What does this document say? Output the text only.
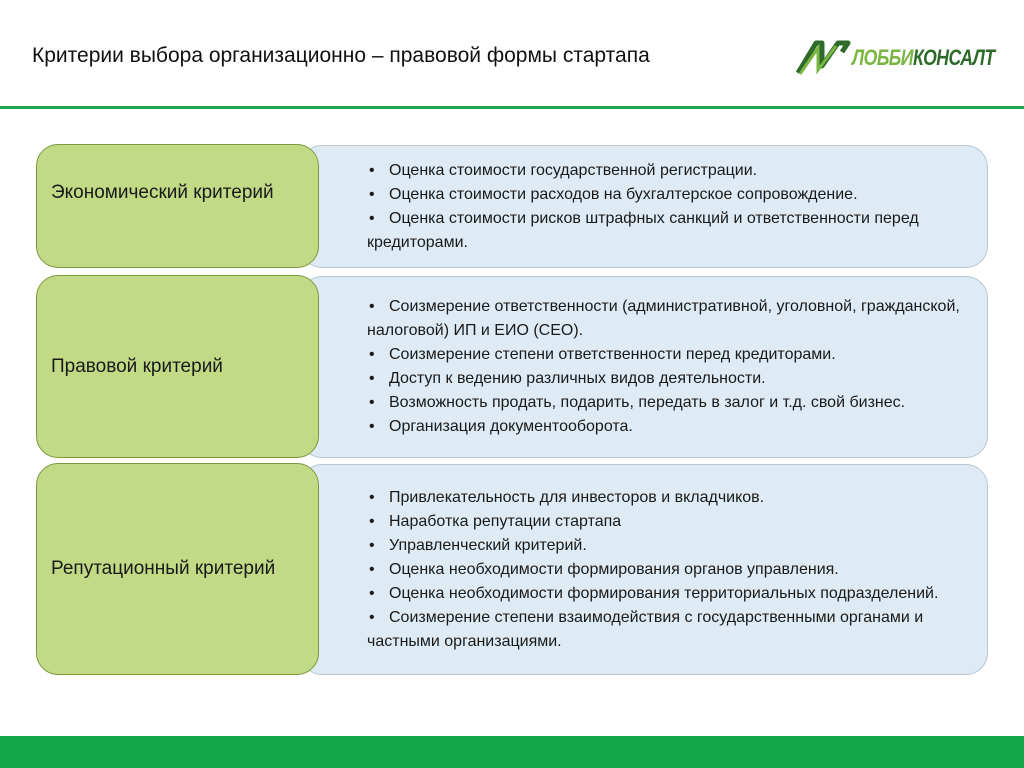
Критерии выбора организационно – правовой формы стартапа	ЛОББИКОНСАЛТ
• Оценка стоимости государственной регистрации.
• Оценка стоимости расходов на бухгалтерское сопровождение.
• Оценка стоимости рисков штрафных санкций и ответственности перед кредиторами.
Экономический критерий
• Соизмерение ответственности (административной, уголовной, гражданской, налоговой) ИП и ЕИО (CEO).
• Соизмерение степени ответственности перед кредиторами.
• Доступ к ведению различных видов деятельности.
• Возможность продать, подарить, передать в залог и т.д. свой бизнес.
• Организация документооборота.
Правовой критерий
• Привлекательность для инвесторов и вкладчиков.
• Наработка репутации стартапа
• Управленческий критерий.
• Оценка необходимости формирования органов управления.
• Оценка необходимости формирования территориальных подразделений.
• Соизмерение степени взаимодействия с государственными органами и частными организациями.
Репутационный критерий
